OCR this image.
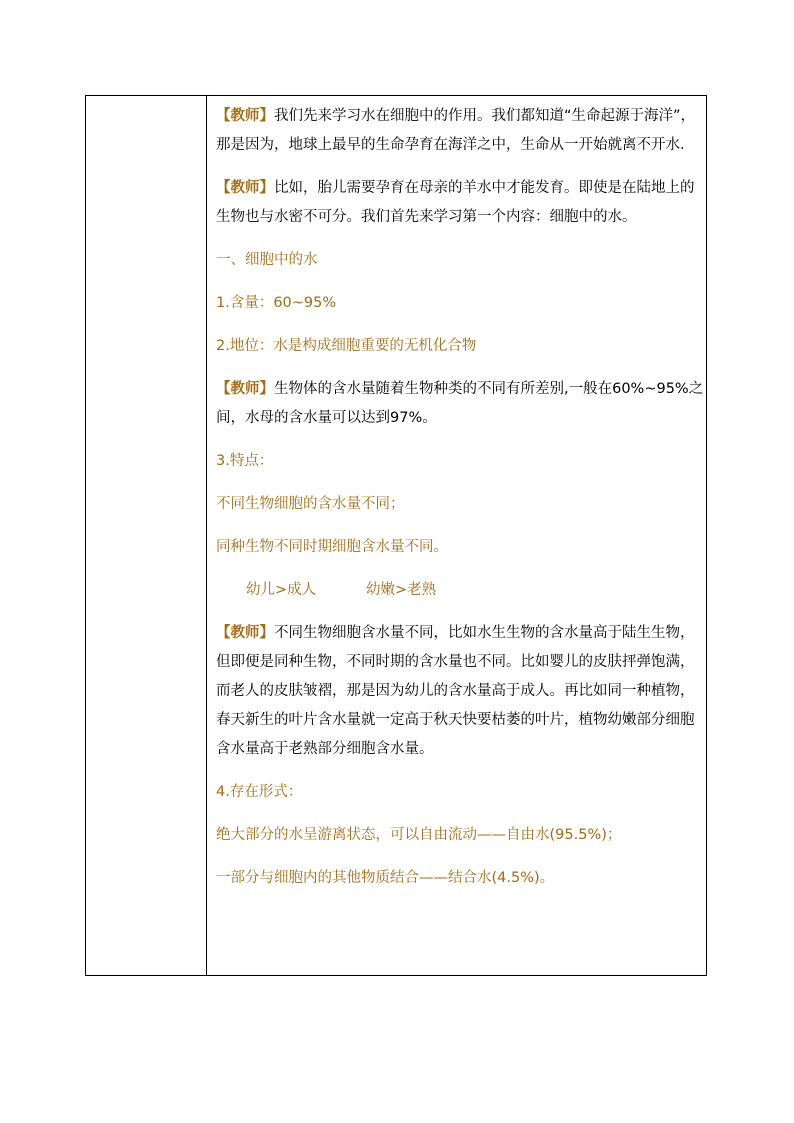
【教师】我们先来学习水在细胞中的作用。我们都知道“生命起源于海洋”，那是因为，地球上最早的生命孕育在海洋之中，生命从一开始就离不开水.

【教师】比如，胎儿需要孕育在母亲的羊水中才能发育。即使是在陆地上的生物也与水密不可分。我们首先来学习第一个内容：细胞中的水。

一、细胞中的水

1.含量：60~95%

2.地位：水是构成细胞重要的无机化合物

【教师】生物体的含水量随着生物种类的不同有所差别,一般在60%~95%之间，水母的含水量可以达到97%。

3.特点：

不同生物细胞的含水量不同；

同种生物不同时期细胞含水量不同。

幼儿>成人	幼嫩>老熟

【教师】不同生物细胞含水量不同，比如水生生物的含水量高于陆生生物，但即便是同种生物，不同时期的含水量也不同。比如婴儿的皮肤抨弹饱满，而老人的皮肤皱褶，那是因为幼儿的含水量高于成人。再比如同一种植物，春天新生的叶片含水量就一定高于秋天快要枯萎的叶片，植物幼嫩部分细胞含水量高于老熟部分细胞含水量。

4.存在形式：

绝大部分的水呈游离状态，可以自由流动——自由水(95.5%)；

一部分与细胞内的其他物质结合——结合水(4.5%)。
